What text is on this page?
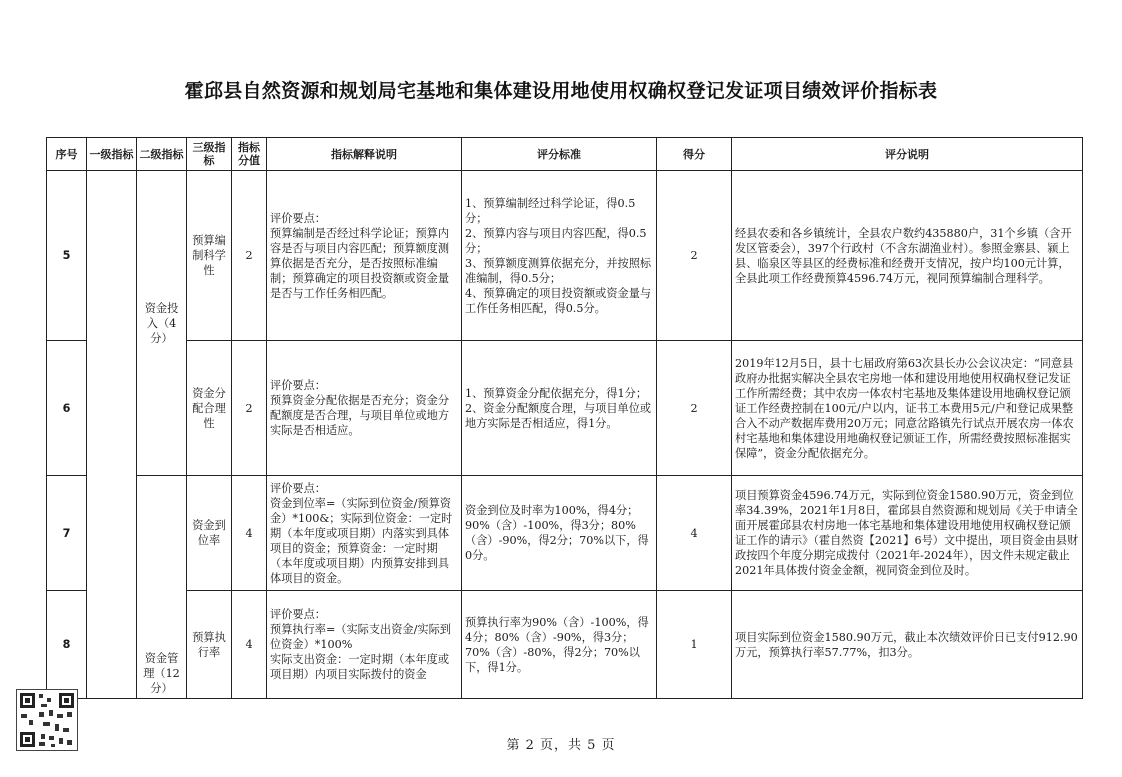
霍邱县自然资源和规划局宅基地和集体建设用地使用权确权登记发证项目绩效评价指标表
序号	一级指标	二级指标	三级指标	指标分值	指标解释说明	评分标准	得分	评分说明
5		资金投入（4分）	预算编制科学性	2	评价要点：
预算编制是否经过科学论证；预算内容是否与项目内容匹配；预算额度测算依据是否充分，是否按照标准编制；预算确定的项目投资额或资金量是否与工作任务相匹配。	1、预算编制经过科学论证，得0.5分；
2、预算内容与项目内容匹配，得0.5分；
3、预算额度测算依据充分，并按照标准编制，得0.5分；
4、预算确定的项目投资额或资金量与工作任务相匹配，得0.5分。	2	经县农委和各乡镇统计，全县农户数约435880户，31个乡镇（含开发区管委会），397个行政村（不含东湖渔业村）。参照金寨县、颍上县、临泉区等县区的经费标准和经费开支情况，按户均100元计算，全县此项工作经费预算4596.74万元，视同预算编制合理科学。

6			资金分配合理性	2	评价要点：
预算资金分配依据是否充分；资金分配额度是否合理，与项目单位或地方实际是否相适应。	1、预算资金分配依据充分，得1分；
2、资金分配额度合理，与项目单位或地方实际是否相适应，得1分。	2	2019年12月5日，县十七届政府第63次县长办公会议决定：“同意县政府办批据实解决全县农宅房地一体和建设用地使用权确权登记发证工作所需经费；其中农房一体农村宅基地及集体建设用地确权登记颁证工作经费控制在100元/户以内，证书工本费用5元/户和登记成果整合入不动产数据库费用20万元；同意岔路镇先行试点开展农房一体农村宅基地和集体建设用地确权登记颁证工作，所需经费按照标准据实保障”，资金分配依据充分。

7		资金管理（12分）	资金到位率	4	评价要点：
资金到位率=（实际到位资金/预算资金）*100&；实际到位资金：一定时期（本年度或项目期）内落实到具体项目的资金；预算资金：一定时期（本年度或项目期）内预算安排到具体项目的资金。	资金到位及时率为100%，得4分；90%（含）-100%，得3分；80%（含）-90%，得2分；70%以下，得0分。	4	项目预算资金4596.74万元，实际到位资金1580.90万元，资金到位率34.39%，2021年1月8日，霍邱县自然资源和规划局《关于申请全面开展霍邱县农村房地一体宅基地和集体建设用地使用权确权登记颁证工作的请示》（霍自然资【2021】6号）文中提出，项目资金由县财政按四个年度分期完成拨付（2021年-2024年），因文件未规定截止2021年具体拨付资金金额，视同资金到位及时。

8			预算执行率	4	评价要点：
预算执行率=（实际支出资金/实际到位资金）*100%
实际支出资金：一定时期（本年度或项目期）内项目实际拨付的资金	预算执行率为90%（含）-100%，得4分；80%（含）-90%，得3分；70%（含）-80%，得2分；70%以下，得1分。	1	项目实际到位资金1580.90万元，截止本次绩效评价日已支付912.90万元，预算执行率57.77%，扣3分。
第 2 页，共 5 页
